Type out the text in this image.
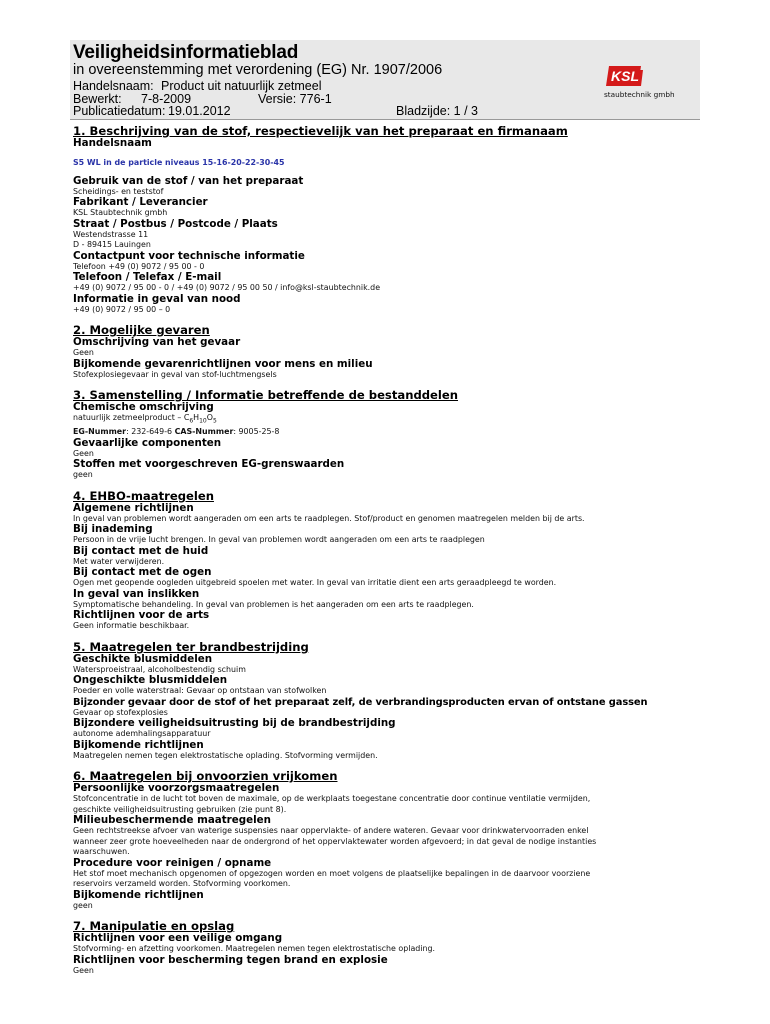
Veiligheidsinformatieblad
in overeenstemming met verordening (EG) Nr. 1907/2006
Handelsnaam: Product uit natuurlijk zetmeel
Bewerkt: 7-8-2009	Versie: 776-1
Publicatiedatum: 19.01.2012	Bladzijde: 1 / 3
KSL
staubtechnik gmbh

1. Beschrijving van de stof, respectievelijk van het preparaat en firmanaam

Handelsnaam

S5 WL in de particle niveaus 15-16-20-22-30-45

Gebruik van de stof / van het preparaat

Scheidings- en teststof

Fabrikant / Leverancier

KSL Staubtechnik gmbh

Straat / Postbus / Postcode / Plaats

Westendstrasse 11

D - 89415 Lauingen

Contactpunt voor technische informatie

Telefoon +49 (0) 9072 / 95 00 - 0

Telefoon / Telefax / E-mail

+49 (0) 9072 / 95 00 - 0 / +49 (0) 9072 / 95 00 50 / info@ksl-staubtechnik.de

Informatie in geval van nood

+49 (0) 9072 / 95 00 – 0

2. Mogelijke gevaren

Omschrijving van het gevaar

Geen

Bijkomende gevarenrichtlijnen voor mens en milieu

Stofexplosiegevaar in geval van stof-luchtmengsels

3. Samenstelling / Informatie betreffende de bestanddelen

Chemische omschrijving

natuurlijk zetmeelproduct – $C_6H_{10}O_5$

EG-Nummer: 232-649-6 CAS-Nummer: 9005-25-8

Gevaarlijke componenten

Geen

Stoffen met voorgeschreven EG-grenswaarden

geen

4. EHBO-maatregelen

Algemene richtlijnen

In geval van problemen wordt aangeraden om een arts te raadplegen. Stof/product en genomen maatregelen melden bij de arts.

Bij inademing

Persoon in de vrije lucht brengen. In geval van problemen wordt aangeraden om een arts te raadplegen

Bij contact met de huid

Met water verwijderen.

Bij contact met de ogen

Ogen met geopende oogleden uitgebreid spoelen met water. In geval van irritatie dient een arts geraadpleegd te worden.

In geval van inslikken

Symptomatische behandeling. In geval van problemen is het aangeraden om een arts te raadplegen.

Richtlijnen voor de arts

Geen informatie beschikbaar.

5. Maatregelen ter brandbestrijding

Geschikte blusmiddelen

Watersproeistraal, alcoholbestendig schuim

Ongeschikte blusmiddelen

Poeder en volle waterstraal: Gevaar op ontstaan van stofwolken

Bijzonder gevaar door de stof of het preparaat zelf, de verbrandingsproducten ervan of ontstane gassen

Gevaar op stofexplosies

Bijzondere veiligheidsuitrusting bij de brandbestrijding

autonome ademhalingsapparatuur

Bijkomende richtlijnen

Maatregelen nemen tegen elektrostatische oplading. Stofvorming vermijden.

6. Maatregelen bij onvoorzien vrijkomen

Persoonlijke voorzorgsmaatregelen

Stofconcentratie in de lucht tot boven de maximale, op de werkplaats toegestane concentratie door continue ventilatie vermijden,

geschikte veiligheidsuitrusting gebruiken (zie punt 8).

Milieubeschermende maatregelen

Geen rechtstreekse afvoer van waterige suspensies naar oppervlakte- of andere wateren. Gevaar voor drinkwatervoorraden enkel

wanneer zeer grote hoeveelheden naar de ondergrond of het oppervlaktewater worden afgevoerd; in dat geval de nodige instanties

waarschuwen.

Procedure voor reinigen / opname

Het stof moet mechanisch opgenomen of opgezogen worden en moet volgens de plaatselijke bepalingen in de daarvoor voorziene

reservoirs verzameld worden. Stofvorming voorkomen.

Bijkomende richtlijnen

geen

7. Manipulatie en opslag

Richtlijnen voor een veilige omgang

Stofvorming- en afzetting voorkomen. Maatregelen nemen tegen elektrostatische oplading.

Richtlijnen voor bescherming tegen brand en explosie

Geen
